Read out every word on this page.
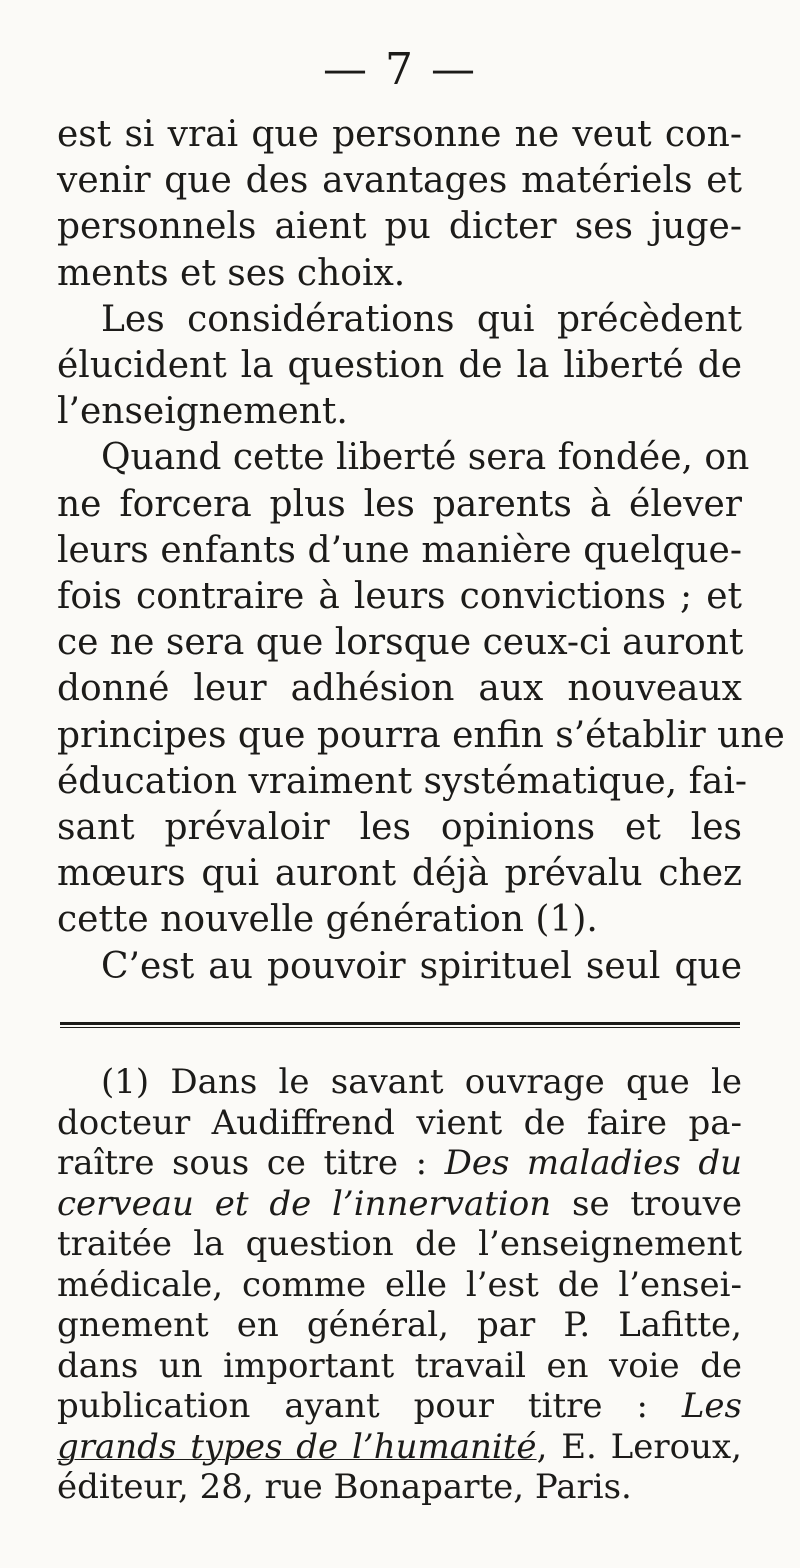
— 7 —

est si vrai que personne ne veut con-

venir que des avantages matériels et

personnels aient pu dicter ses juge-

ments et ses choix.

Les considérations qui précèdent

élucident la question de la liberté de

l’enseignement.

Quand cette liberté sera fondée, on

ne forcera plus les parents à élever

leurs enfants d’une manière quelque-

fois contraire à leurs convictions ; et

ce ne sera que lorsque ceux-ci auront

donné leur adhésion aux nouveaux

principes que pourra enfin s’établir une

éducation vraiment systématique, fai-

sant prévaloir les opinions et les

mœurs qui auront déjà prévalu chez

cette nouvelle génération (1).

C’est au pouvoir spirituel seul que

(1) Dans le savant ouvrage que le

docteur Audiffrend vient de faire pa-

raître sous ce titre : Des maladies du

cerveau et de l’innervation se trouve

traitée la question de l’enseignement

médicale, comme elle l’est de l’ensei-

gnement en général, par P. Lafitte,

dans un important travail en voie de

publication ayant pour titre : Les

grands types de l’humanité, E. Leroux,

éditeur, 28, rue Bonaparte, Paris.
